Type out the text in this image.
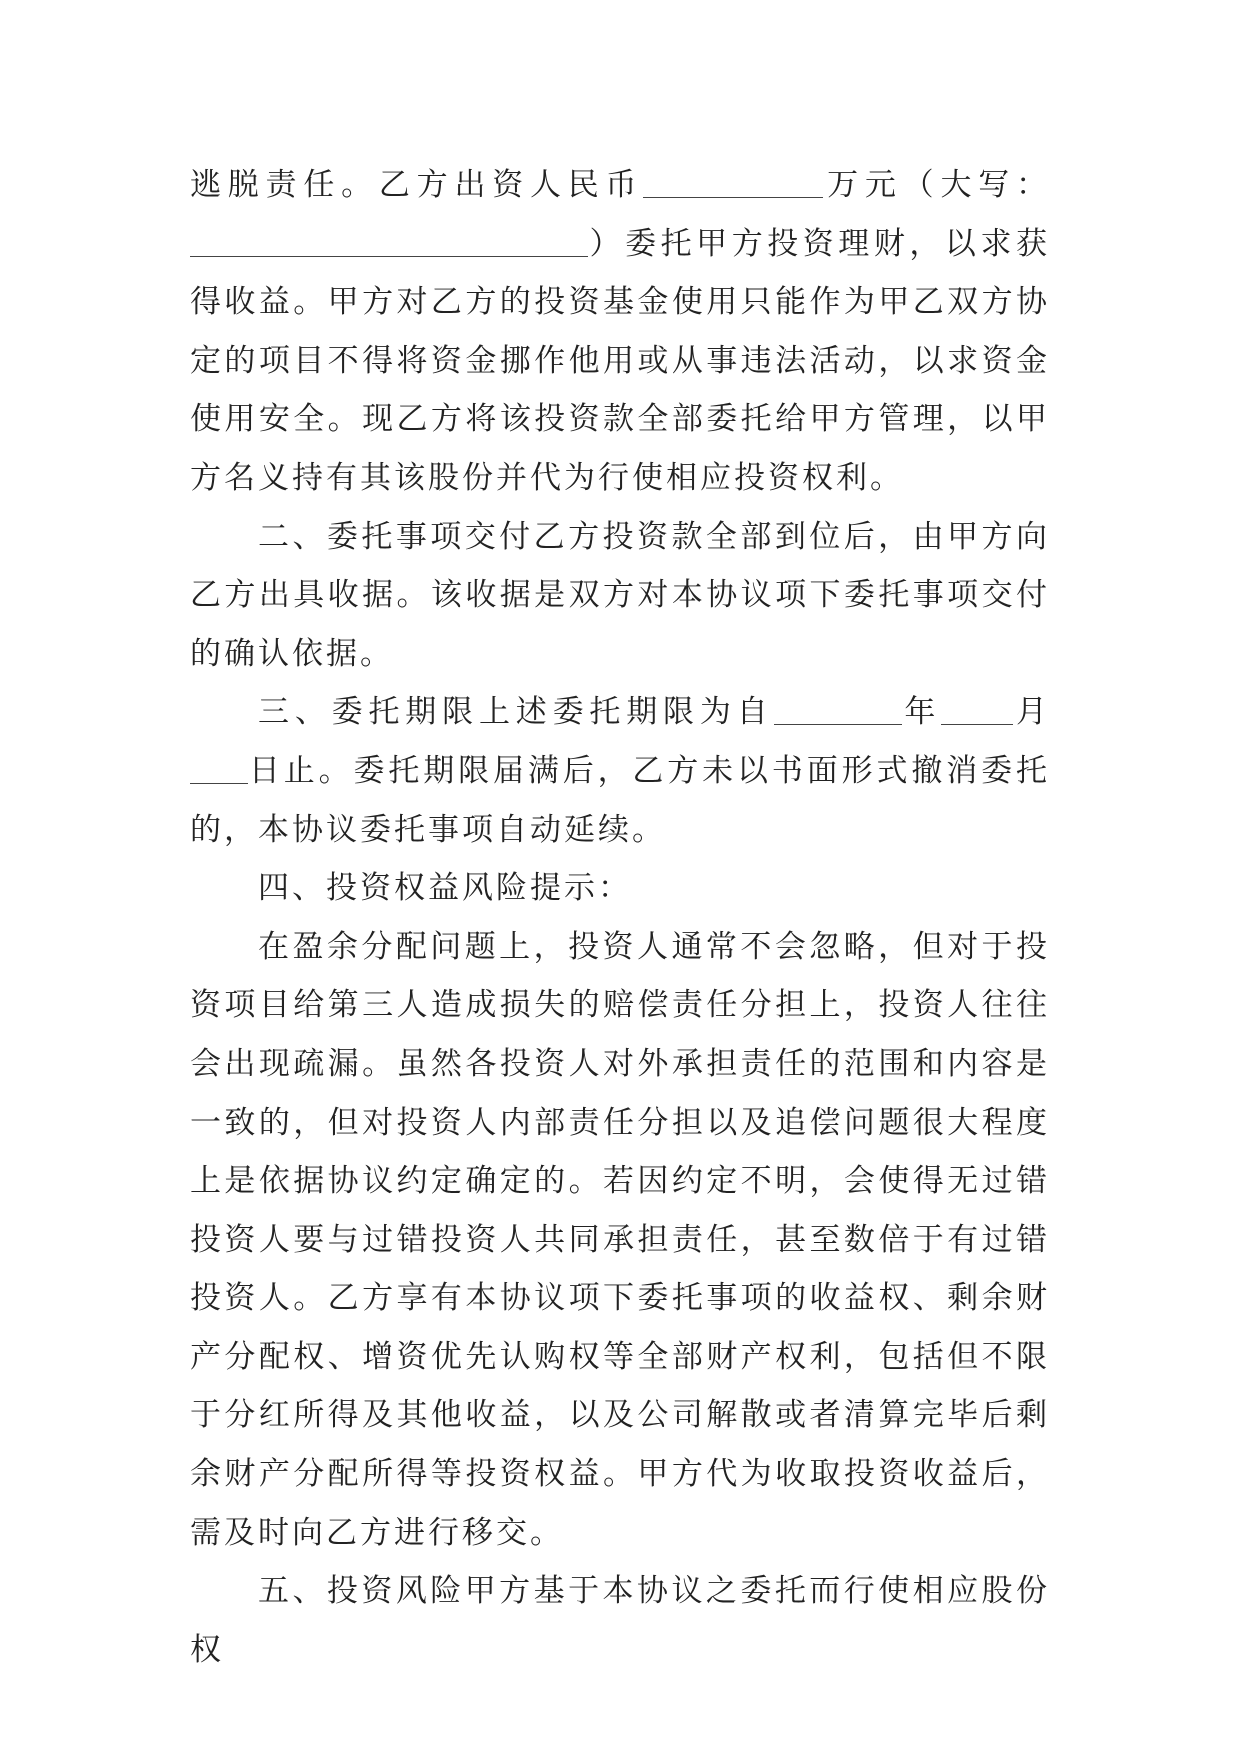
逃脱责任。乙方出资人民币	万元（大写：）委托甲方投资理财，以求获得收益。甲方对乙方的投资基金使用只能作为甲乙双方协定的项目不得将资金挪作他用或从事违法活动，以求资金使用安全。现乙方将该投资款全部委托给甲方管理，以甲方名义持有其该股份并代为行使相应投资权利。

二、委托事项交付乙方投资款全部到位后，由甲方向乙方出具收据。该收据是双方对本协议项下委托事项交付的确认依据。

三、委托期限上述委托期限为自	年 月日止。委托期限届满后，乙方未以书面形式撤消委托的，本协议委托事项自动延续。

四、投资权益风险提示：

在盈余分配问题上，投资人通常不会忽略，但对于投资项目给第三人造成损失的赔偿责任分担上，投资人往往会出现疏漏。虽然各投资人对外承担责任的范围和内容是一致的，但对投资人内部责任分担以及追偿问题很大程度上是依据协议约定确定的。若因约定不明，会使得无过错投资人要与过错投资人共同承担责任，甚至数倍于有过错投资人。乙方享有本协议项下委托事项的收益权、剩余财产分配权、增资优先认购权等全部财产权利，包括但不限于分红所得及其他收益，以及公司解散或者清算完毕后剩余财产分配所得等投资权益。甲方代为收取投资收益后，需及时向乙方进行移交。

五、投资风险甲方基于本协议之委托而行使相应股份权
